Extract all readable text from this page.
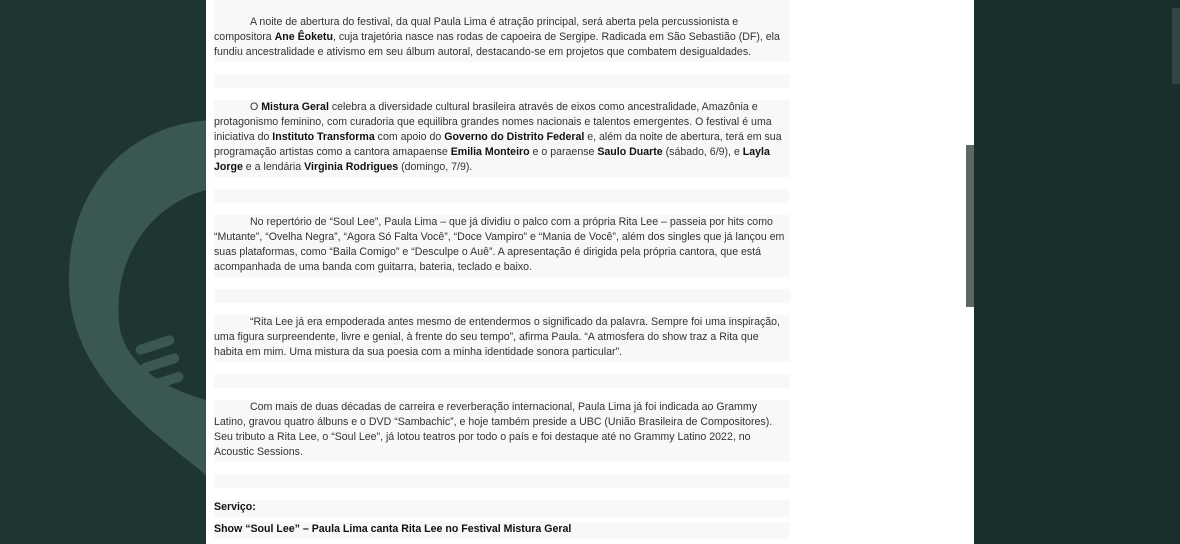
A noite de abertura do festival, da qual Paula Lima é atração principal, será aberta pela percussionista e compositora Ane Êoketu, cuja trajetória nasce nas rodas de capoeira de Sergipe. Radicada em São Sebastião (DF), ela fundiu ancestralidade e ativismo em seu álbum autoral, destacando-se em projetos que combatem desigualdades.

O Mistura Geral celebra a diversidade cultural brasileira através de eixos como ancestralidade, Amazônia e protagonismo feminino, com curadoria que equilibra grandes nomes nacionais e talentos emergentes. O festival é uma iniciativa do Instituto Transforma com apoio do Governo do Distrito Federal e, além da noite de abertura, terá em sua programação artistas como a cantora amapaense Emilia Monteiro e o paraense Saulo Duarte (sábado, 6/9), e Layla Jorge e a lendária Virginia Rodrigues (domingo, 7/9).

No repertório de “Soul Lee”, Paula Lima – que já dividiu o palco com a própria Rita Lee – passeia por hits como “Mutante”, “Ovelha Negra”, “Agora Só Falta Você”, “Doce Vampiro” e “Mania de Você”, além dos singles que já lançou em suas plataformas, como “Baila Comigo” e “Desculpe o Auê”. A apresentação é dirigida pela própria cantora, que está acompanhada de uma banda com guitarra, bateria, teclado e baixo.

“Rita Lee já era empoderada antes mesmo de entendermos o significado da palavra. Sempre foi uma inspiração, uma figura surpreendente, livre e genial, à frente do seu tempo”, afirma Paula. “A atmosfera do show traz a Rita que habita em mim. Uma mistura da sua poesia com a minha identidade sonora particular”.

Com mais de duas décadas de carreira e reverberação internacional, Paula Lima já foi indicada ao Grammy Latino, gravou quatro álbuns e o DVD “Sambachic”, e hoje também preside a UBC (União Brasileira de Compositores). Seu tributo a Rita Lee, o “Soul Lee”, já lotou teatros por todo o país e foi destaque até no Grammy Latino 2022, no Acoustic Sessions.

Serviço:

Show “Soul Lee” – Paula Lima canta Rita Lee no Festival Mistura Geral
